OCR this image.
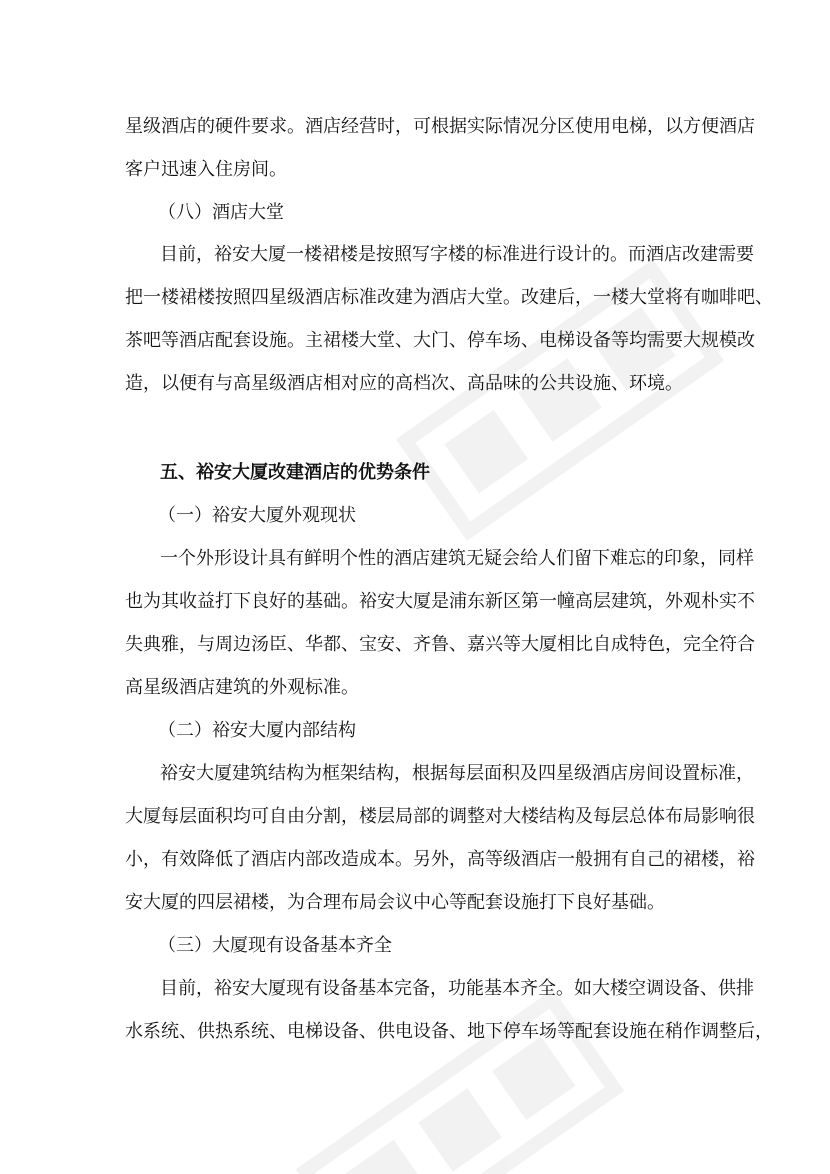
星级酒店的硬件要求。酒店经营时，可根据实际情况分区使用电梯，以方便酒店
客户迅速入住房间。
（八）酒店大堂
目前，裕安大厦一楼裙楼是按照写字楼的标准进行设计的。而酒店改建需要
把一楼裙楼按照四星级酒店标准改建为酒店大堂。改建后，一楼大堂将有咖啡吧、
茶吧等酒店配套设施。主裙楼大堂、大门、停车场、电梯设备等均需要大规模改
造，以便有与高星级酒店相对应的高档次、高品味的公共设施、环境。
五、裕安大厦改建酒店的优势条件
（一）裕安大厦外观现状
一个外形设计具有鲜明个性的酒店建筑无疑会给人们留下难忘的印象，同样
也为其收益打下良好的基础。裕安大厦是浦东新区第一幢高层建筑，外观朴实不
失典雅，与周边汤臣、华都、宝安、齐鲁、嘉兴等大厦相比自成特色，完全符合
高星级酒店建筑的外观标准。
（二）裕安大厦内部结构
裕安大厦建筑结构为框架结构，根据每层面积及四星级酒店房间设置标准，
大厦每层面积均可自由分割，楼层局部的调整对大楼结构及每层总体布局影响很
小，有效降低了酒店内部改造成本。另外，高等级酒店一般拥有自己的裙楼，裕
安大厦的四层裙楼，为合理布局会议中心等配套设施打下良好基础。
（三）大厦现有设备基本齐全
目前，裕安大厦现有设备基本完备，功能基本齐全。如大楼空调设备、供排
水系统、供热系统、电梯设备、供电设备、地下停车场等配套设施在稍作调整后，
